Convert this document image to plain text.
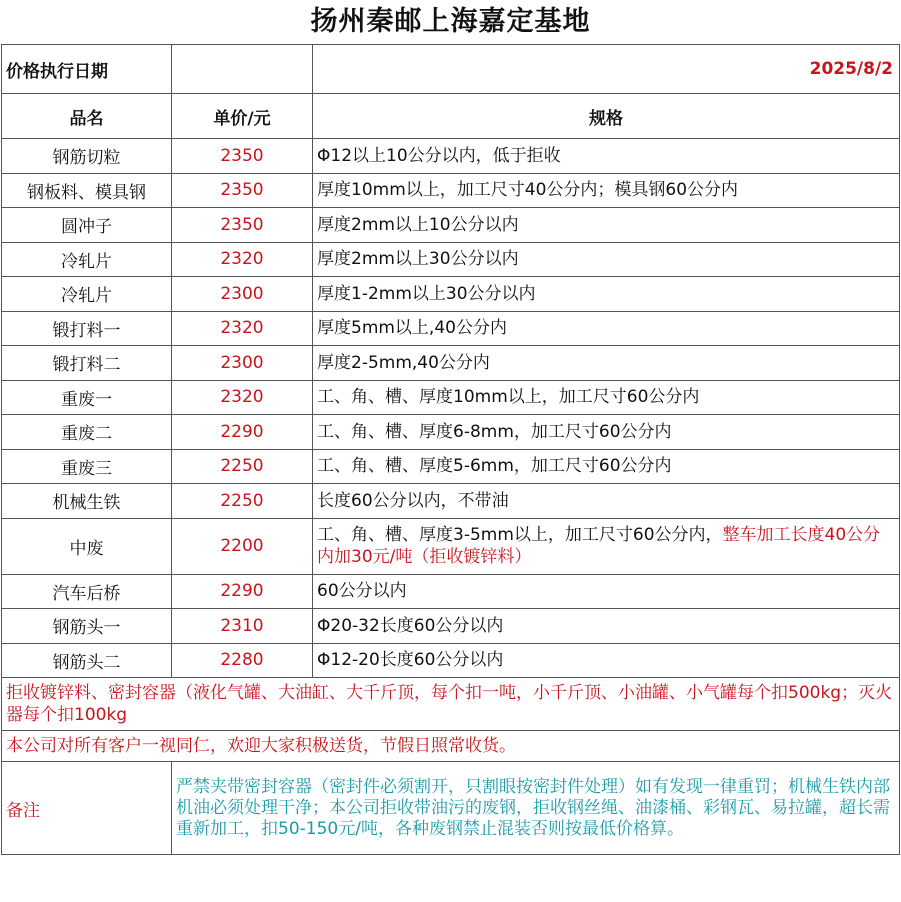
扬州秦邮上海嘉定基地
价格执行日期		2025/8/2
品名	单价/元	规格
钢筋切粒	2350	Φ12以上10公分以内，低于拒收
钢板料、模具钢	2350	厚度10mm以上，加工尺寸40公分内；模具钢60公分内
圆冲子	2350	厚度2mm以上10公分以内
冷轧片	2320	厚度2mm以上30公分以内
冷轧片	2300	厚度1-2mm以上30公分以内
锻打料一	2320	厚度5mm以上,40公分内
锻打料二	2300	厚度2-5mm,40公分内
重废一	2320	工、角、槽、厚度10mm以上，加工尺寸60公分内
重废二	2290	工、角、槽、厚度6-8mm，加工尺寸60公分内
重废三	2250	工、角、槽、厚度5-6mm，加工尺寸60公分内
机械生铁	2250	长度60公分以内，不带油
中废	2200	工、角、槽、厚度3-5mm以上，加工尺寸60公分内，整车加工长度40公分内加30元/吨（拒收镀锌料）
汽车后桥	2290	60公分以内
钢筋头一	2310	Φ20-32长度60公分以内
钢筋头二	2280	Φ12-20长度60公分以内
拒收镀锌料、密封容器（液化气罐、大油缸、大千斤顶，每个扣一吨，小千斤顶、小油罐、小气罐每个扣500kg；灭火器每个扣100kg		
本公司对所有客户一视同仁，欢迎大家积极送货，节假日照常收货。		
备注	严禁夹带密封容器（密封件必须割开，只割眼按密封件处理）如有发现一律重罚；机械生铁内部机油必须处理干净；本公司拒收带油污的废钢，拒收钢丝绳、油漆桶、彩钢瓦、易拉罐，超长需重新加工，扣50-150元/吨，各种废钢禁止混装否则按最低价格算。	
